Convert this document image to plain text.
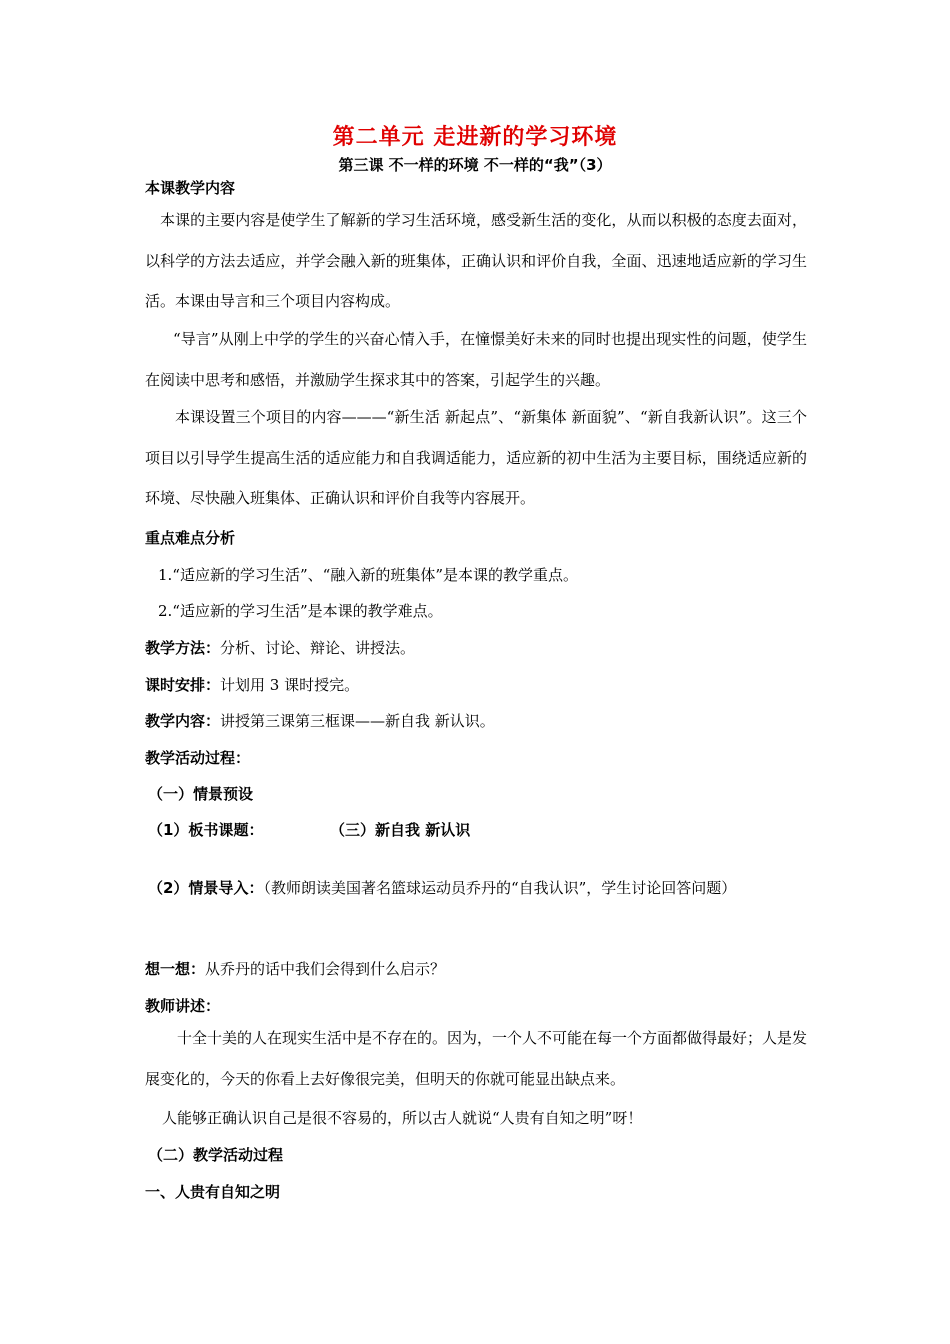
第二单元 走进新的学习环境
第三课 不一样的环境 不一样的“我”（3）
本课教学内容
本课的主要内容是使学生了解新的学习生活环境，感受新生活的变化，从而以积极的态度去面对，以科学的方法去适应，并学会融入新的班集体，正确认识和评价自我，全面、迅速地适应新的学习生活。本课由导言和三个项目内容构成。
“导言”从刚上中学的学生的兴奋心情入手，在憧憬美好未来的同时也提出现实性的问题，使学生在阅读中思考和感悟，并激励学生探求其中的答案，引起学生的兴趣。
本课设置三个项目的内容———“新生活 新起点”、“新集体 新面貌”、“新自我新认识”。这三个项目以引导学生提高生活的适应能力和自我调适能力，适应新的初中生活为主要目标，围绕适应新的环境、尽快融入班集体、正确认识和评价自我等内容展开。
重点难点分析
1.“适应新的学习生活”、“融入新的班集体”是本课的教学重点。
2.“适应新的学习生活”是本课的教学难点。
教学方法：分析、讨论、辩论、讲授法。
课时安排：计划用 3 课时授完。
教学内容：讲授第三课第三框课——新自我 新认识。
教学活动过程：
（一）情景预设
（1）板书课题：	（三）新自我 新认识
（2）情景导入：（教师朗读美国著名篮球运动员乔丹的“自我认识”，学生讨论回答问题）
想一想：从乔丹的话中我们会得到什么启示？
教师讲述：
十全十美的人在现实生活中是不存在的。因为，一个人不可能在每一个方面都做得最好；人是发展变化的，今天的你看上去好像很完美，但明天的你就可能显出缺点来。
人能够正确认识自己是很不容易的，所以古人就说“人贵有自知之明”呀！
（二）教学活动过程
一、人贵有自知之明
